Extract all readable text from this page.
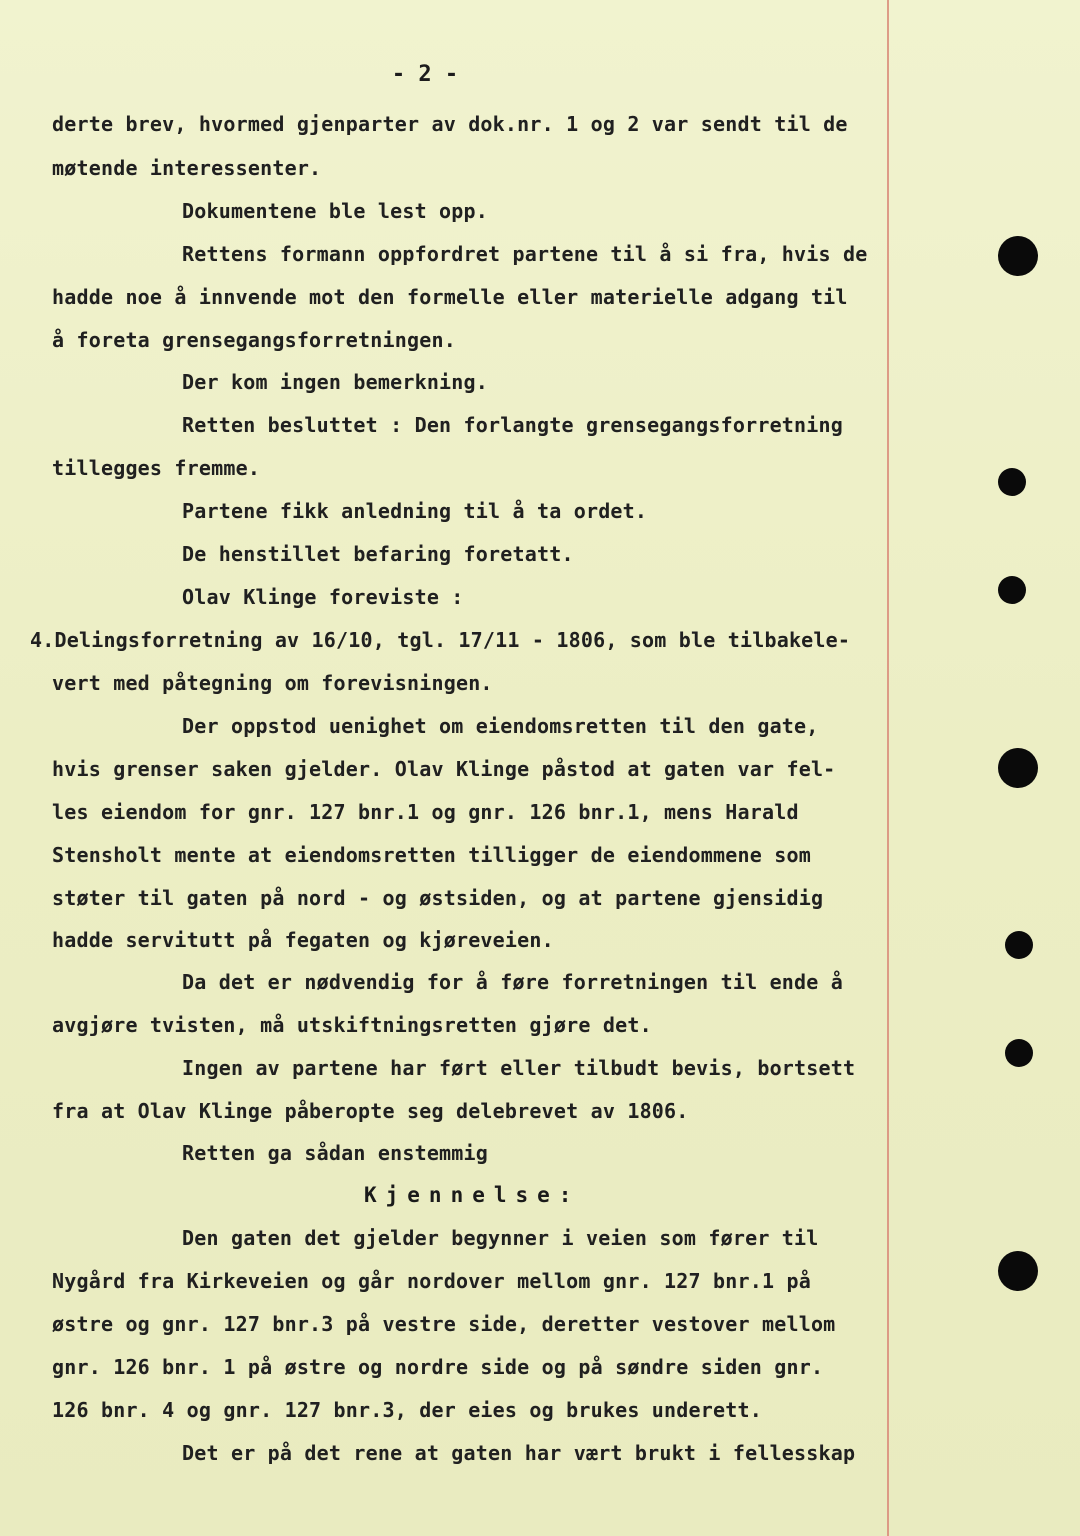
- 2 -
derte brev, hvormed gjenparter av dok.nr. 1 og 2 var sendt til de
møtende interessenter.
Dokumentene ble lest opp.
Rettens formann oppfordret partene til å si fra, hvis de
hadde noe å innvende mot den formelle eller materielle adgang til
å foreta grensegangsforretningen.
Der kom ingen bemerkning.
Retten besluttet : Den forlangte grensegangsforretning
tillegges fremme.
Partene fikk anledning til å ta ordet.
De henstillet befaring foretatt.
Olav Klinge foreviste :
4.Delingsforretning av 16/10, tgl. 17/11 - 1806, som ble tilbakele-
vert med påtegning om forevisningen.
Der oppstod uenighet om eiendomsretten til den gate,
hvis grenser saken gjelder. Olav Klinge påstod at gaten var fel-
les eiendom for gnr. 127 bnr.1 og gnr. 126 bnr.1, mens Harald
Stensholt mente at eiendomsretten tilligger de eiendommene som
støter til gaten på nord - og østsiden, og at partene gjensidig
hadde servitutt på fegaten og kjøreveien.
Da det er nødvendig for å føre forretningen til ende å
avgjøre tvisten, må utskiftningsretten gjøre det.
Ingen av partene har ført eller tilbudt bevis, bortsett
fra at Olav Klinge påberopte seg delebrevet av 1806.
Retten ga sådan enstemmig
Kjennelse:
Den gaten det gjelder begynner i veien som fører til
Nygård fra Kirkeveien og går nordover mellom gnr. 127 bnr.1 på
østre og gnr. 127 bnr.3 på vestre side, deretter vestover mellom
gnr. 126 bnr. 1 på østre og nordre side og på søndre siden gnr.
126 bnr. 4 og gnr. 127 bnr.3, der eies og brukes underett.
Det er på det rene at gaten har vært brukt i fellesskap
